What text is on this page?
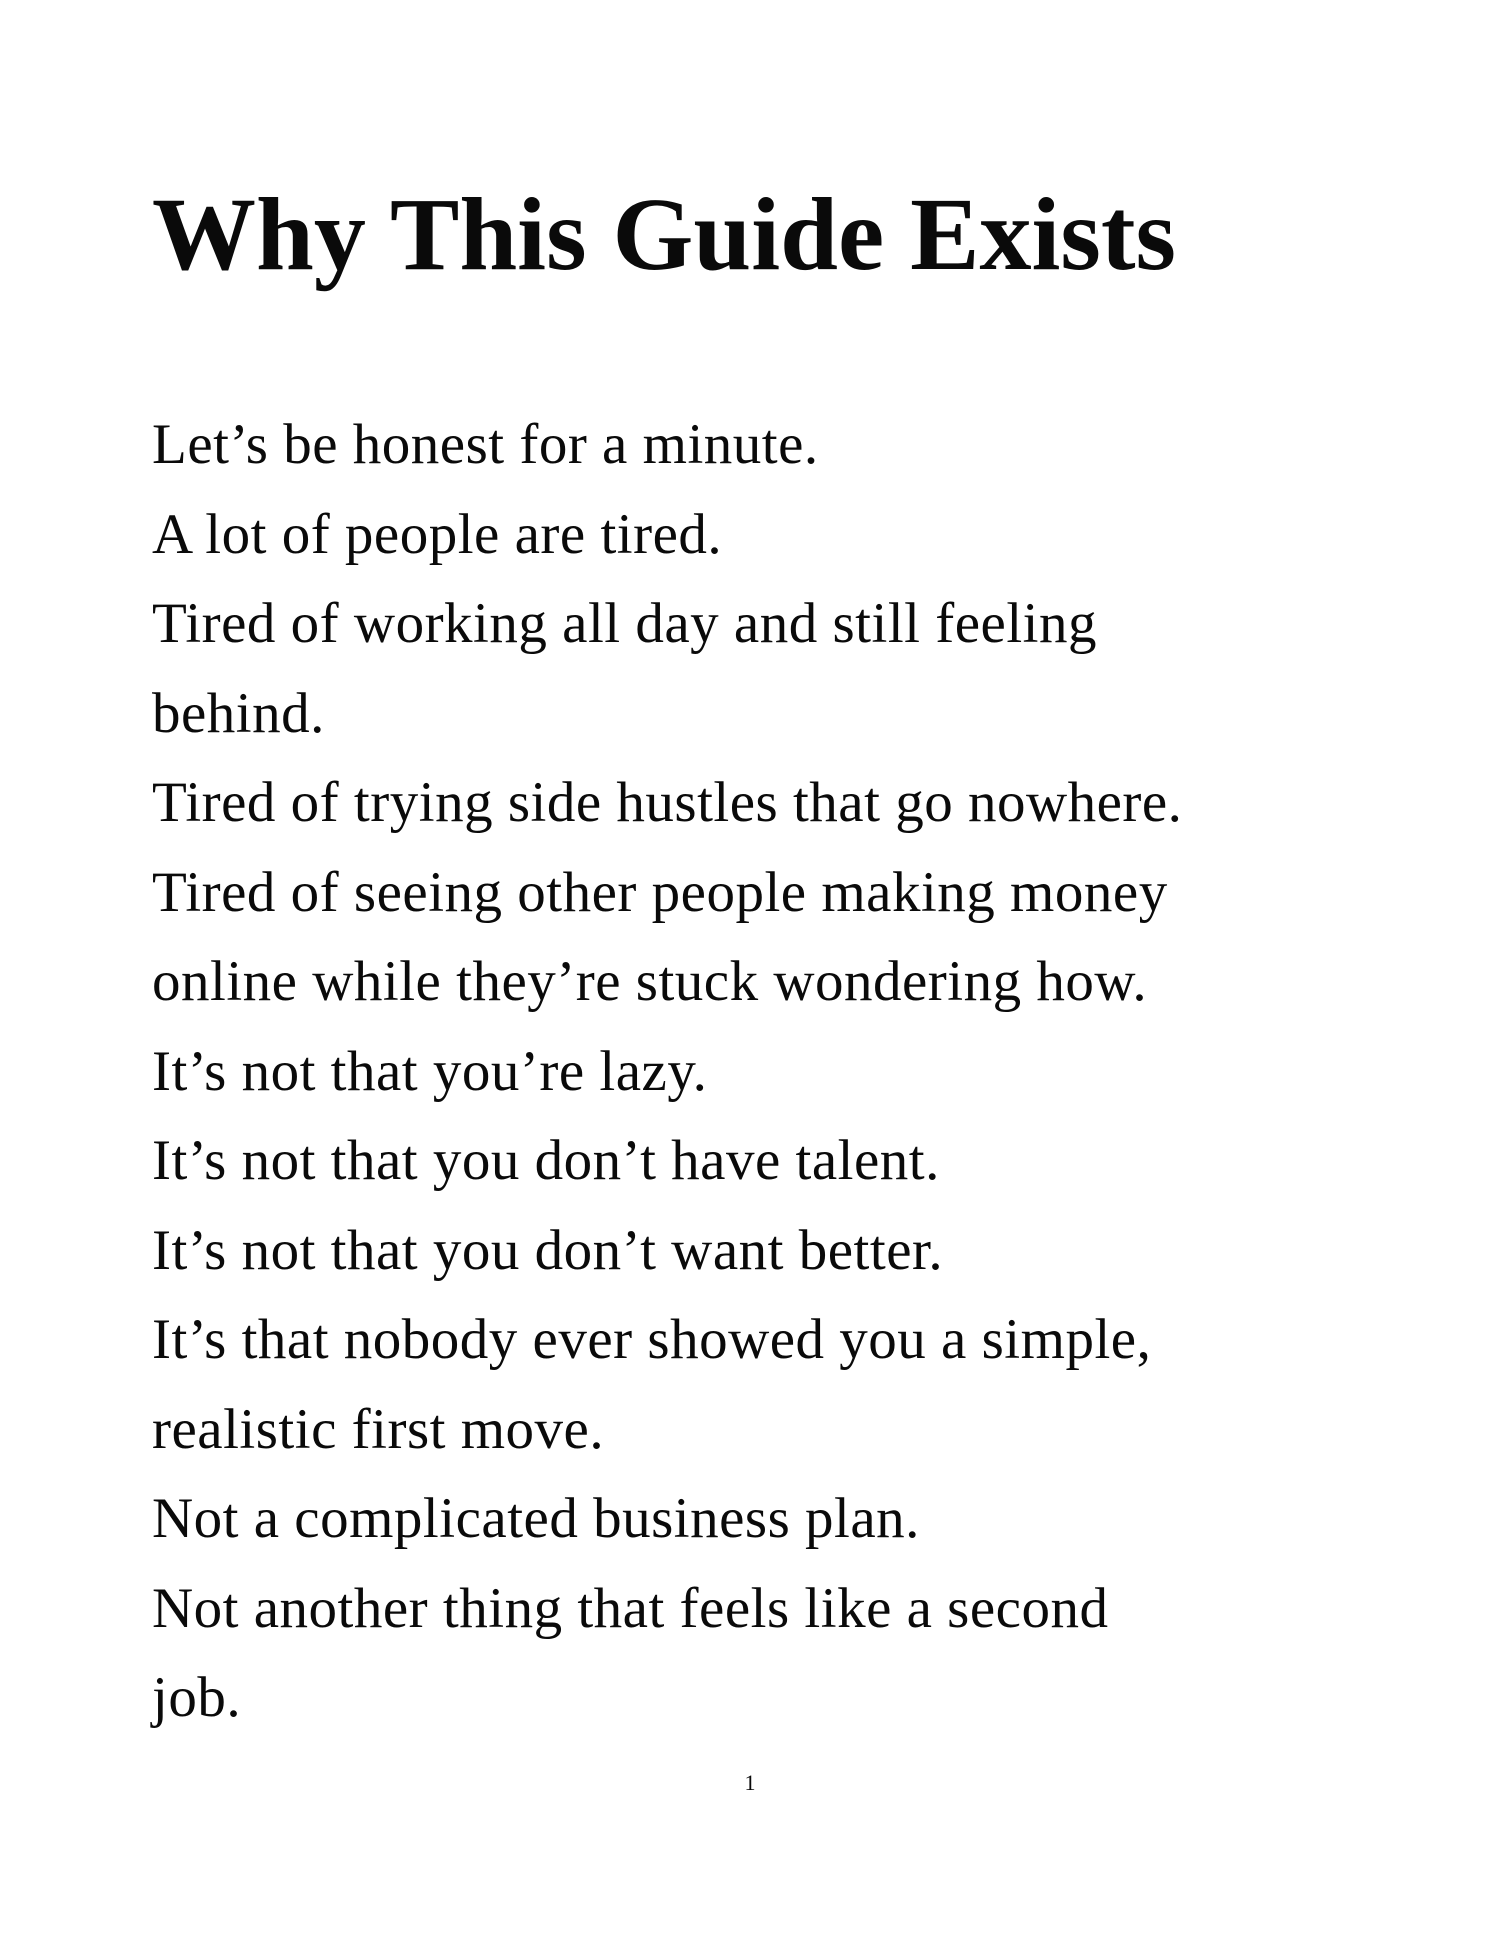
Why This Guide Exists
Let’s be honest for a minute.
A lot of people are tired.
Tired of working all day and still feeling
behind.
Tired of trying side hustles that go nowhere.
Tired of seeing other people making money
online while they’re stuck wondering how.
It’s not that you’re lazy.
It’s not that you don’t have talent.
It’s not that you don’t want better.
It’s that nobody ever showed you a simple,
realistic first move.
Not a complicated business plan.
Not another thing that feels like a second
job.
1
